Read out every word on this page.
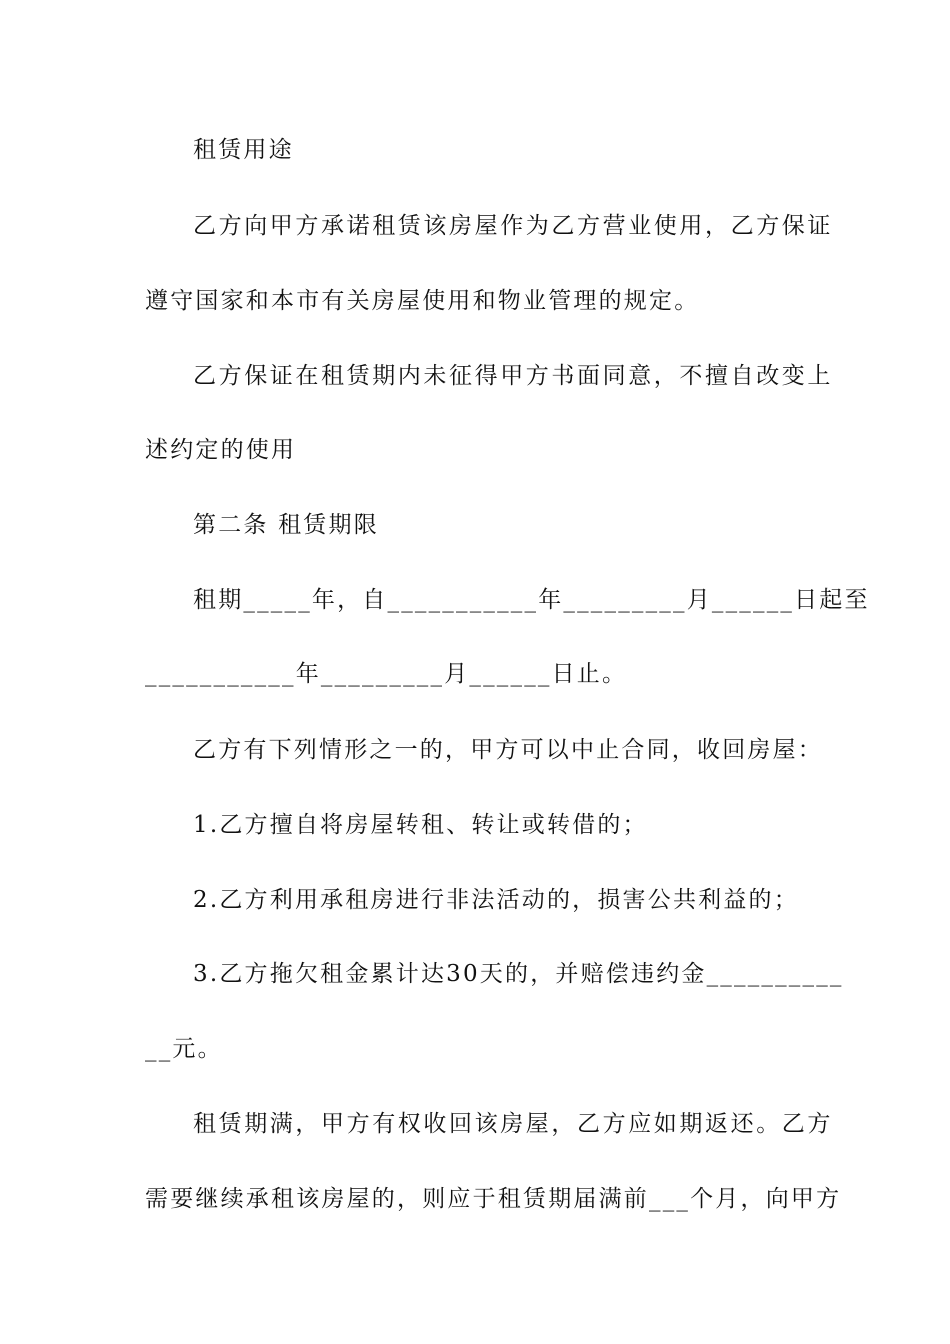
租赁用途
乙方向甲方承诺租赁该房屋作为乙方营业使用，乙方保证
遵守国家和本市有关房屋使用和物业管理的规定。
乙方保证在租赁期内未征得甲方书面同意，不擅自改变上
述约定的使用
第二条 租赁期限
租期_____年，自___________年_________月______日起至
___________年_________月______日止。
乙方有下列情形之一的，甲方可以中止合同，收回房屋：
1.乙方擅自将房屋转租、转让或转借的；
2.乙方利用承租房进行非法活动的，损害公共利益的；
3.乙方拖欠租金累计达30天的，并赔偿违约金__________
__元。
租赁期满，甲方有权收回该房屋，乙方应如期返还。乙方
需要继续承租该房屋的，则应于租赁期届满前___个月，向甲方
